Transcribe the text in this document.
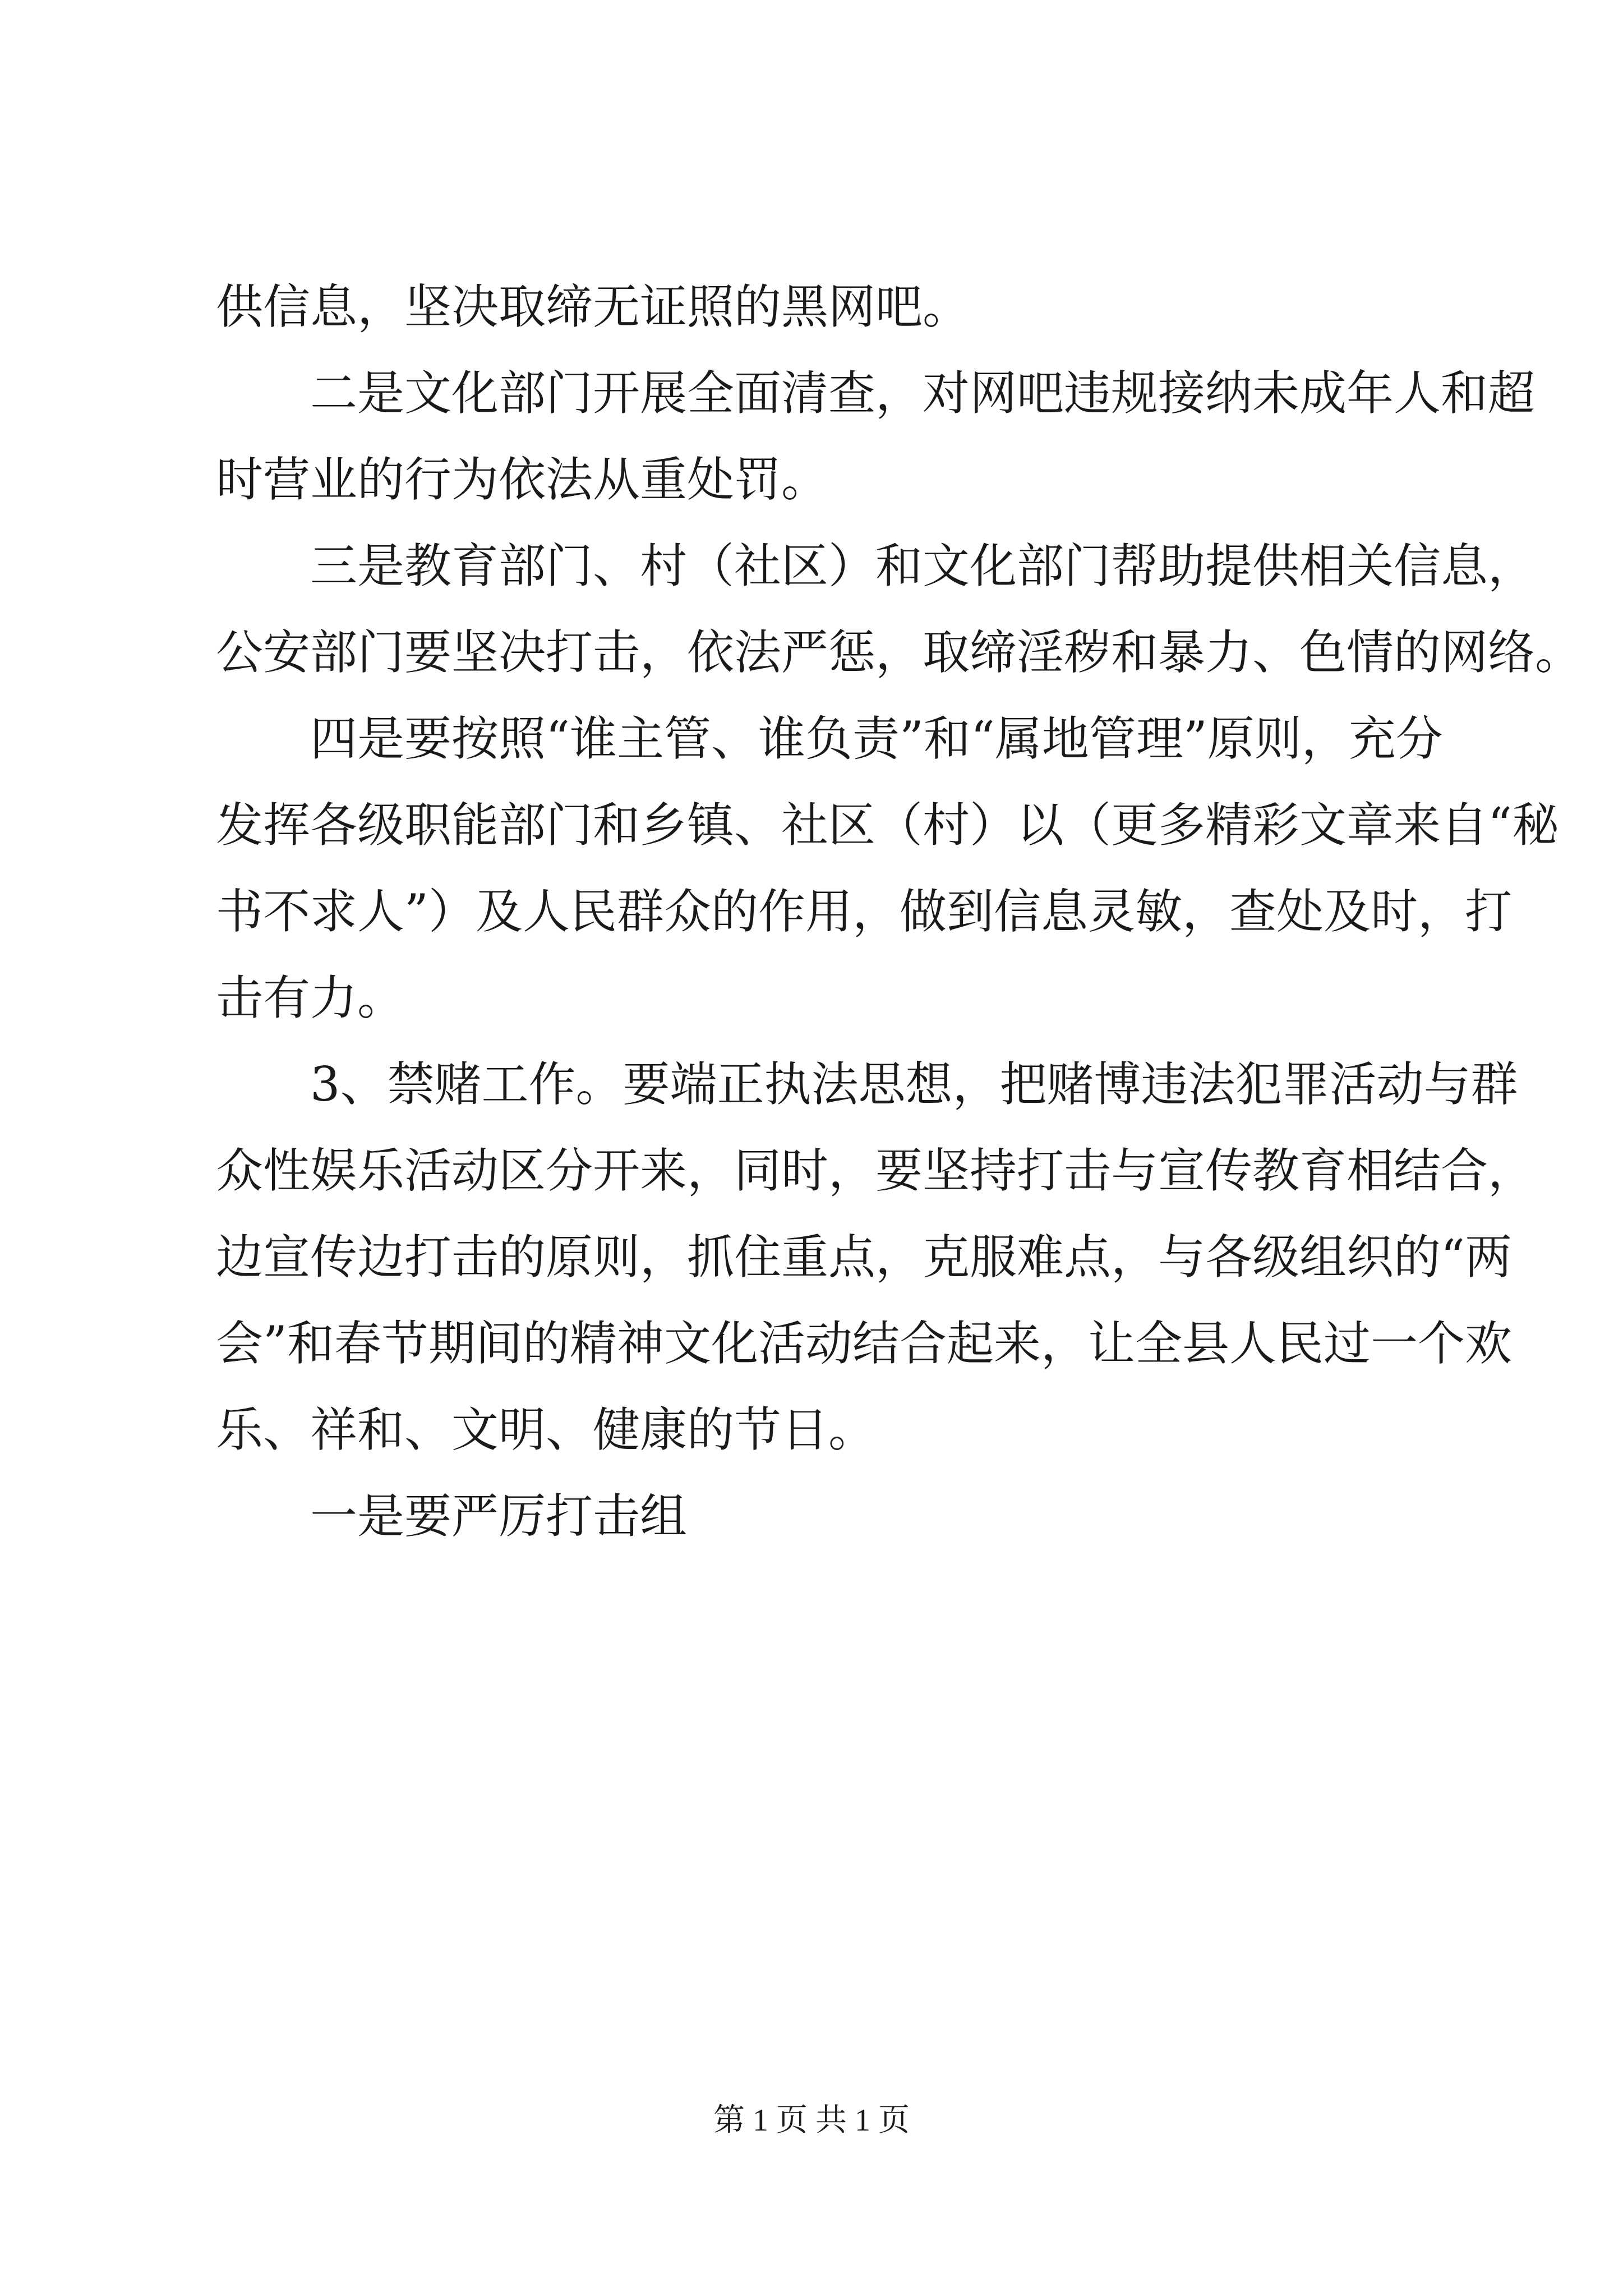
供信息，坚决取缔无证照的黑网吧。
二是文化部门开展全面清查，对网吧违规接纳未成年人和超
时营业的行为依法从重处罚。
三是教育部门、村（社区）和文化部门帮助提供相关信息，
公安部门要坚决打击，依法严惩，取缔淫秽和暴力、色情的网络。
四是要按照“谁主管、谁负责”和“属地管理”原则，充分
发挥各级职能部门和乡镇、社区（村）以（更多精彩文章来自“秘
书不求人”）及人民群众的作用，做到信息灵敏，查处及时，打
击有力。
3、禁赌工作。要端正执法思想，把赌博违法犯罪活动与群
众性娱乐活动区分开来，同时，要坚持打击与宣传教育相结合，
边宣传边打击的原则，抓住重点，克服难点，与各级组织的“两
会”和春节期间的精神文化活动结合起来，让全县人民过一个欢
乐、祥和、文明、健康的节日。
一是要严厉打击组
第 1 页 共 1 页
